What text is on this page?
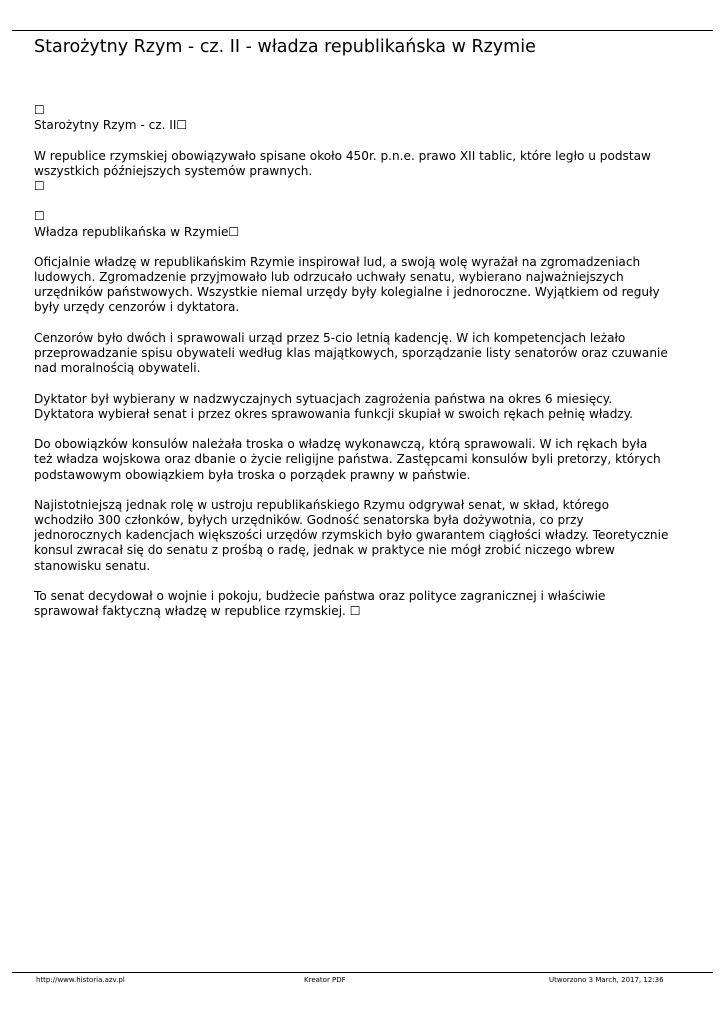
Starożytny Rzym - cz. II - władza republikańska w Rzymie
☐
Starożytny Rzym - cz. II☐
W republice rzymskiej obowiązywało spisane około 450r. p.n.e. prawo XII tablic, które legło u podstaw
wszystkich późniejszych systemów prawnych.
☐
☐
Władza republikańska w Rzymie☐
Oficjalnie władzę w republikańskim Rzymie inspirował lud, a swoją wolę wyrażał na zgromadzeniach
ludowych. Zgromadzenie przyjmowało lub odrzucało uchwały senatu, wybierano najważniejszych
urzędników państwowych. Wszystkie niemal urzędy były kolegialne i jednoroczne. Wyjątkiem od reguły
były urzędy cenzorów i dyktatora.
Cenzorów było dwóch i sprawowali urząd przez 5-cio letnią kadencję. W ich kompetencjach leżało
przeprowadzanie spisu obywateli według klas majątkowych, sporządzanie listy senatorów oraz czuwanie
nad moralnością obywateli.
Dyktator był wybierany w nadzwyczajnych sytuacjach zagrożenia państwa na okres 6 miesięcy.
Dyktatora wybierał senat i przez okres sprawowania funkcji skupiał w swoich rękach pełnię władzy.
Do obowiązków konsulów należała troska o władzę wykonawczą, którą sprawowali. W ich rękach była
też władza wojskowa oraz dbanie o życie religijne państwa. Zastępcami konsulów byli pretorzy, których
podstawowym obowiązkiem była troska o porządek prawny w państwie.
Najistotniejszą jednak rolę w ustroju republikańskiego Rzymu odgrywał senat, w skład, którego
wchodziło 300 członków, byłych urzędników. Godność senatorska była dożywotnia, co przy
jednorocznych kadencjach większości urzędów rzymskich było gwarantem ciągłości władzy. Teoretycznie
konsul zwracał się do senatu z prośbą o radę, jednak w praktyce nie mógł zrobić niczego wbrew
stanowisku senatu.
To senat decydował o wojnie i pokoju, budżecie państwa oraz polityce zagranicznej i właściwie
sprawował faktyczną władzę w republice rzymskiej. ☐
http://www.historia.azv.pl	Kreator PDF	Utworzono 3 March, 2017, 12:36
